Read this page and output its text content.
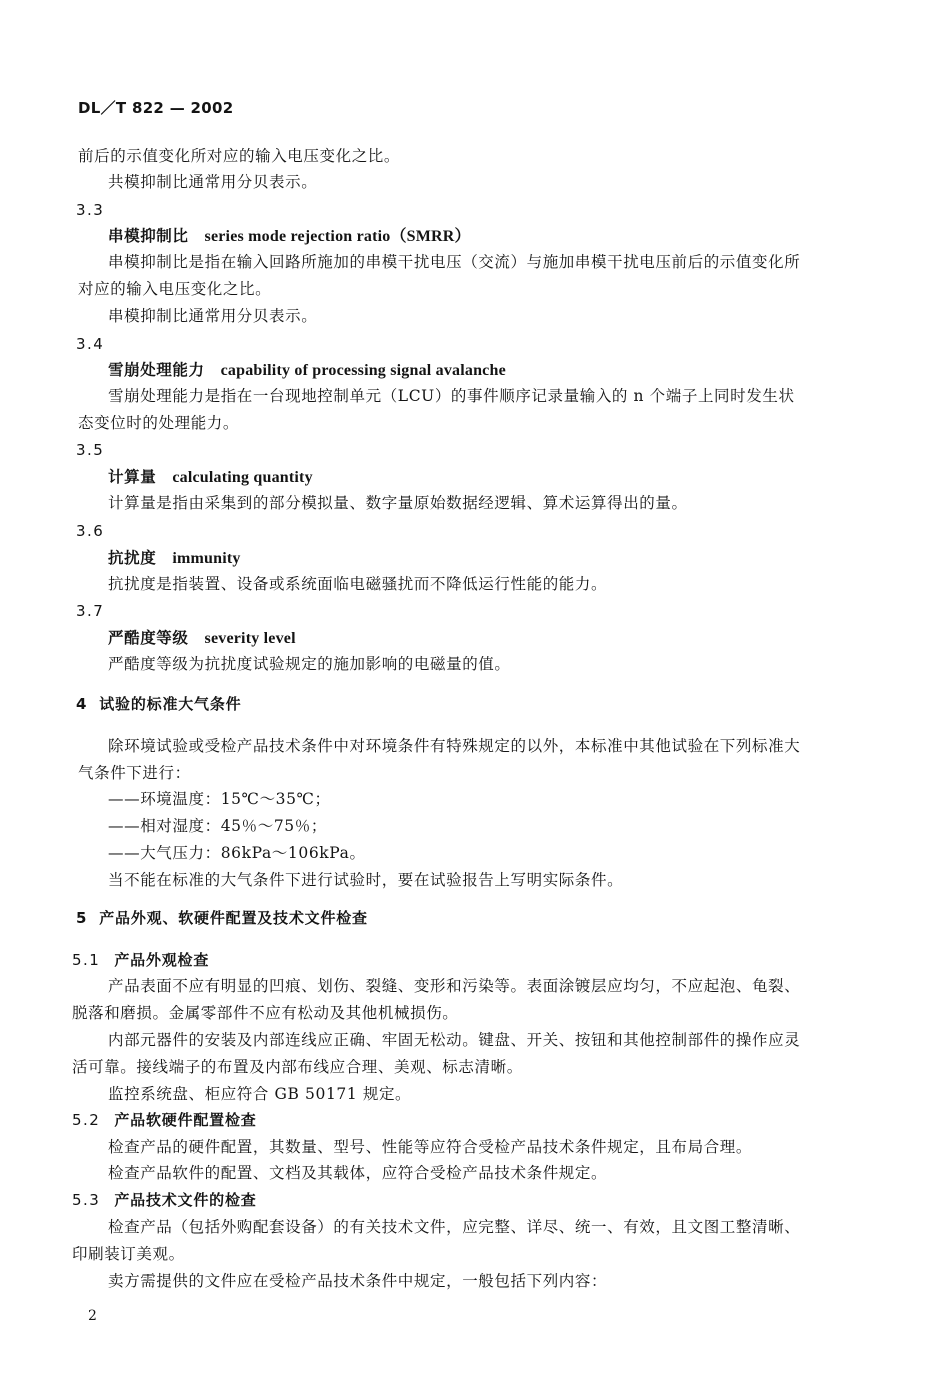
DL／T 822 — 2002
前后的示值变化所对应的输入电压变化之比。
共模抑制比通常用分贝表示。
3.3
串模抑制比 series mode rejection ratio（SMRR）
串模抑制比是指在输入回路所施加的串模干扰电压（交流）与施加串模干扰电压前后的示值变化所
对应的输入电压变化之比。
串模抑制比通常用分贝表示。
3.4
雪崩处理能力 capability of processing signal avalanche
雪崩处理能力是指在一台现地控制单元（LCU）的事件顺序记录量输入的 n 个端子上同时发生状
态变位时的处理能力。
3.5
计算量 calculating quantity
计算量是指由采集到的部分模拟量、数字量原始数据经逻辑、算术运算得出的量。
3.6
抗扰度 immunity
抗扰度是指装置、设备或系统面临电磁骚扰而不降低运行性能的能力。
3.7
严酷度等级 severity level
严酷度等级为抗扰度试验规定的施加影响的电磁量的值。
4 试验的标准大气条件
除环境试验或受检产品技术条件中对环境条件有特殊规定的以外，本标准中其他试验在下列标准大
气条件下进行：
——环境温度：15℃～35℃；
——相对湿度：45％～75％；
——大气压力：86kPa～106kPa。
当不能在标准的大气条件下进行试验时，要在试验报告上写明实际条件。
5 产品外观、软硬件配置及技术文件检查
5.1 产品外观检查
产品表面不应有明显的凹痕、划伤、裂缝、变形和污染等。表面涂镀层应均匀，不应起泡、龟裂、
脱落和磨损。金属零部件不应有松动及其他机械损伤。
内部元器件的安装及内部连线应正确、牢固无松动。键盘、开关、按钮和其他控制部件的操作应灵
活可靠。接线端子的布置及内部布线应合理、美观、标志清晰。
监控系统盘、柜应符合 GB 50171 规定。
5.2 产品软硬件配置检查
检查产品的硬件配置，其数量、型号、性能等应符合受检产品技术条件规定，且布局合理。
检查产品软件的配置、文档及其载体，应符合受检产品技术条件规定。
5.3 产品技术文件的检查
检查产品（包括外购配套设备）的有关技术文件，应完整、详尽、统一、有效，且文图工整清晰、
印刷装订美观。
卖方需提供的文件应在受检产品技术条件中规定，一般包括下列内容：
2
